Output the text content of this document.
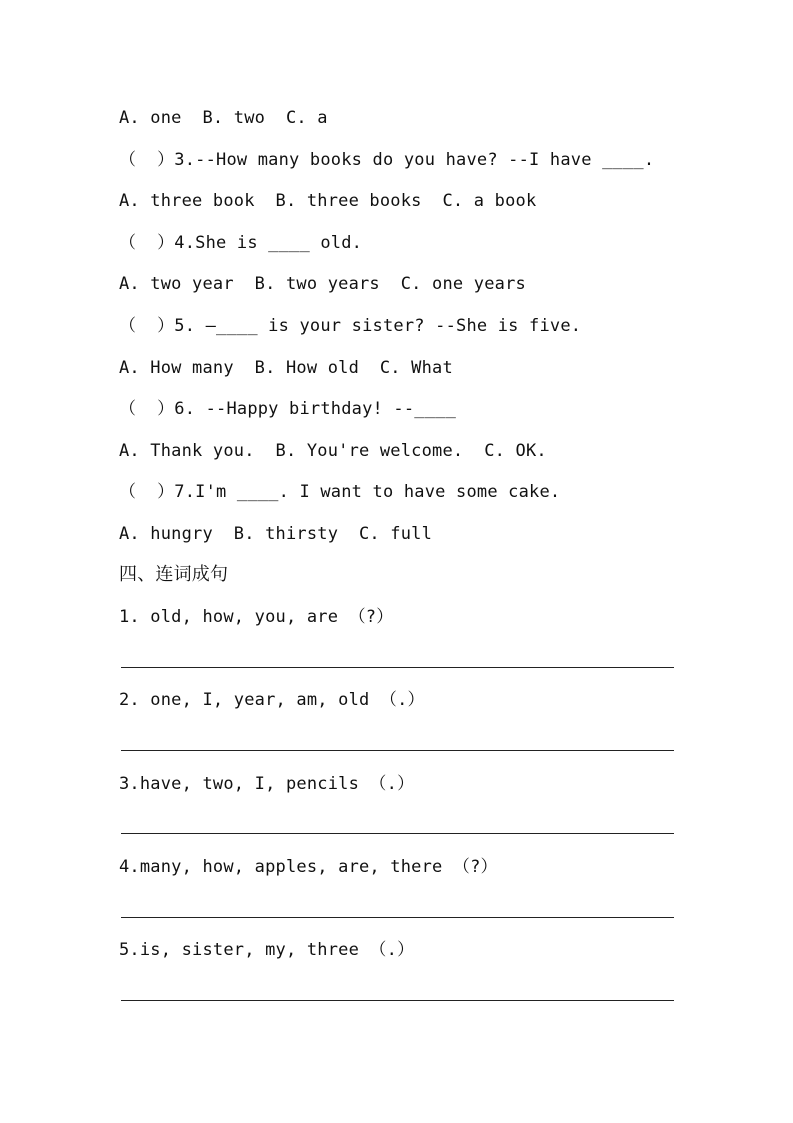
A. one  B. two  C. a
（  ）3.--How many books do you have? --I have ____.
A. three book  B. three books  C. a book
（  ）4.She is ____ old.
A. two year  B. two years  C. one years
（  ）5. —____ is your sister? --She is five.
A. How many  B. How old  C. What
（  ）6. --Happy birthday! --____
A. Thank you.  B. You're welcome.  C. OK.
（  ）7.I'm ____. I want to have some cake.
A. hungry  B. thirsty  C. full
四、连词成句
1. old, how, you, are （?）
2. one, I, year, am, old （.）
3.have, two, I, pencils （.）
4.many, how, apples, are, there （?）
5.is, sister, my, three （.）
